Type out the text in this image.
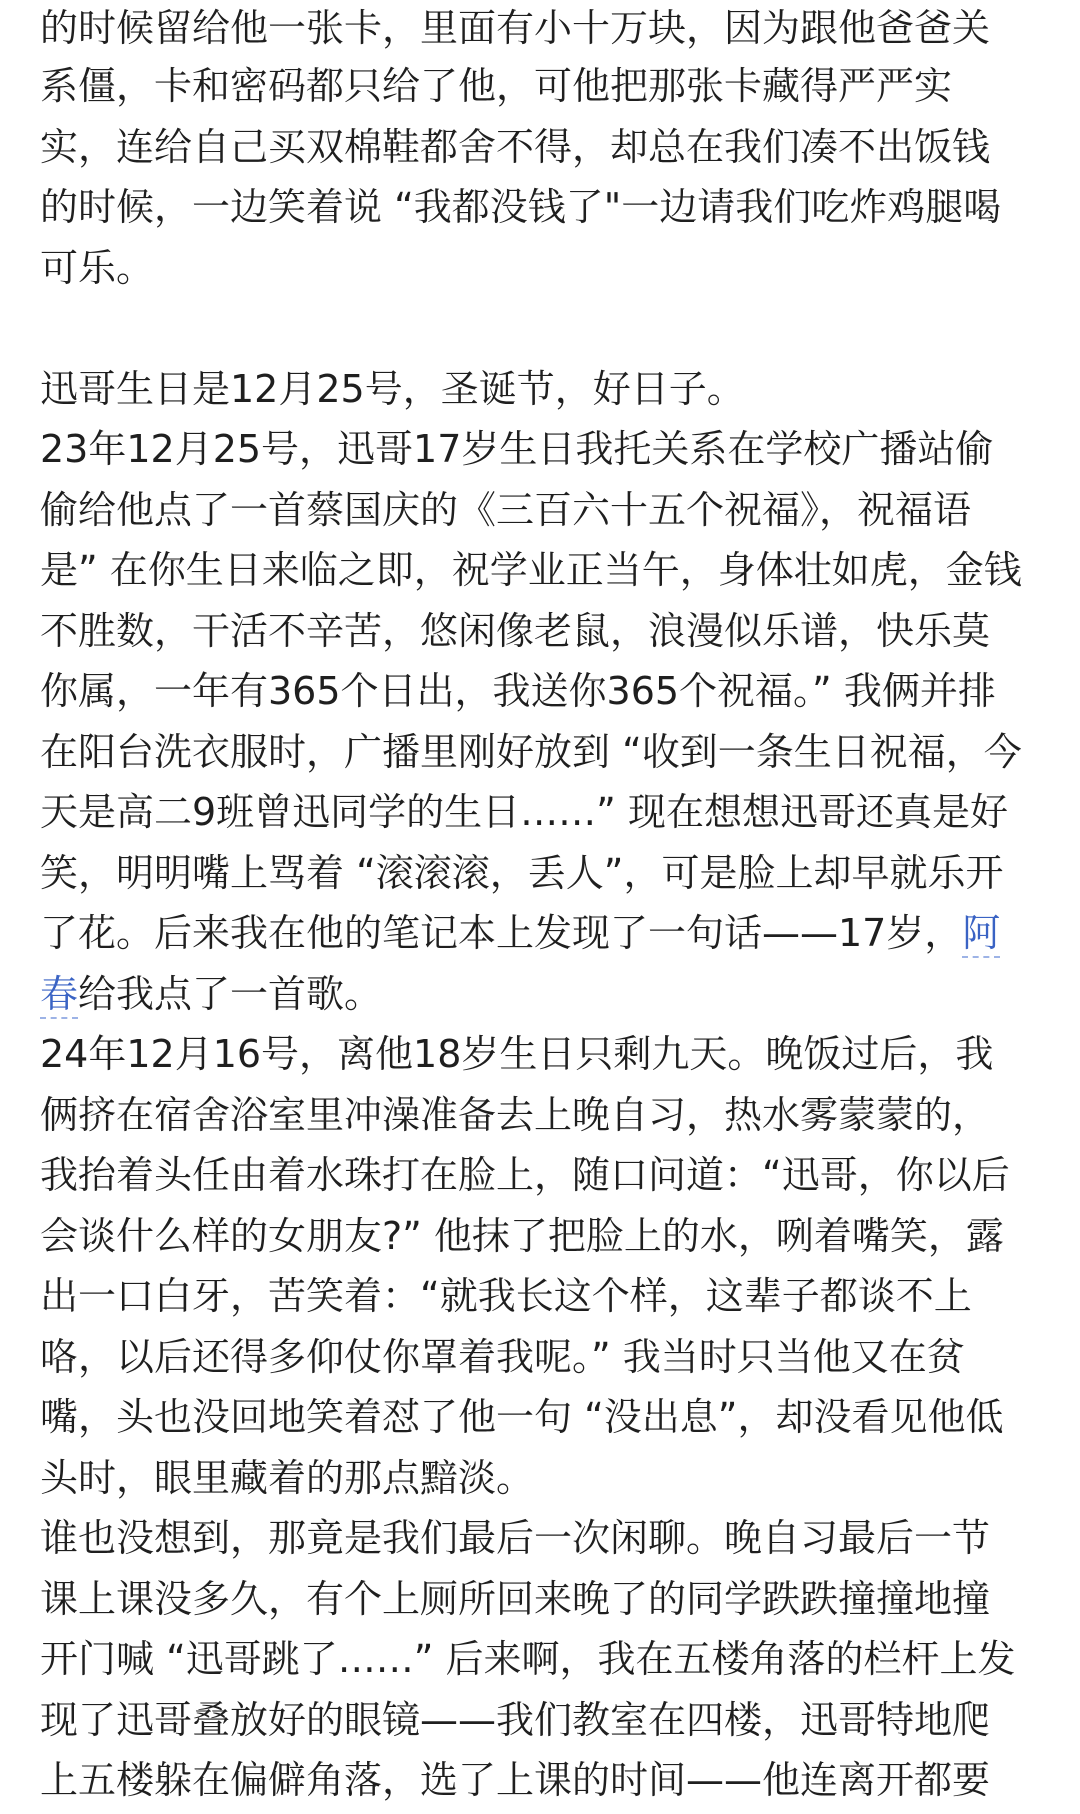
的时候留给他一张卡，里面有小十万块，因为跟他爸爸关
系僵，卡和密码都只给了他，可他把那张卡藏得严严实
实，连给自己买双棉鞋都舍不得，却总在我们凑不出饭钱
的时候，一边笑着说 “我都没钱了"一边请我们吃炸鸡腿喝
可乐。
迅哥生日是12月25号，圣诞节，好日子。
23年12月25号，迅哥17岁生日我托关系在学校广播站偷
偷给他点了一首蔡国庆的《三百六十五个祝福》，祝福语
是” 在你生日来临之即，祝学业正当午，身体壮如虎，金钱
不胜数，干活不辛苦，悠闲像老鼠，浪漫似乐谱，快乐莫
你属，一年有365个日出，我送你365个祝福。” 我俩并排
在阳台洗衣服时，广播里刚好放到 “收到一条生日祝福，今
天是高二9班曾迅同学的生日……” 现在想想迅哥还真是好
笑，明明嘴上骂着 “滚滚滚，丢人”，可是脸上却早就乐开
了花。后来我在他的笔记本上发现了一句话——17岁，阿
春给我点了一首歌。
24年12月16号，离他18岁生日只剩九天。晚饭过后，我
俩挤在宿舍浴室里冲澡准备去上晚自习，热水雾蒙蒙的，
我抬着头任由着水珠打在脸上，随口问道：“迅哥，你以后
会谈什么样的女朋友?” 他抹了把脸上的水，咧着嘴笑，露
出一口白牙，苦笑着：“就我长这个样，这辈子都谈不上
咯，以后还得多仰仗你罩着我呢。” 我当时只当他又在贫
嘴，头也没回地笑着怼了他一句 “没出息”，却没看见他低
头时，眼里藏着的那点黯淡。
谁也没想到，那竟是我们最后一次闲聊。晚自习最后一节
课上课没多久，有个上厕所回来晚了的同学跌跌撞撞地撞
开门喊 “迅哥跳了……” 后来啊，我在五楼角落的栏杆上发
现了迅哥叠放好的眼镜——我们教室在四楼，迅哥特地爬
上五楼躲在偏僻角落，选了上课的时间——他连离开都要
